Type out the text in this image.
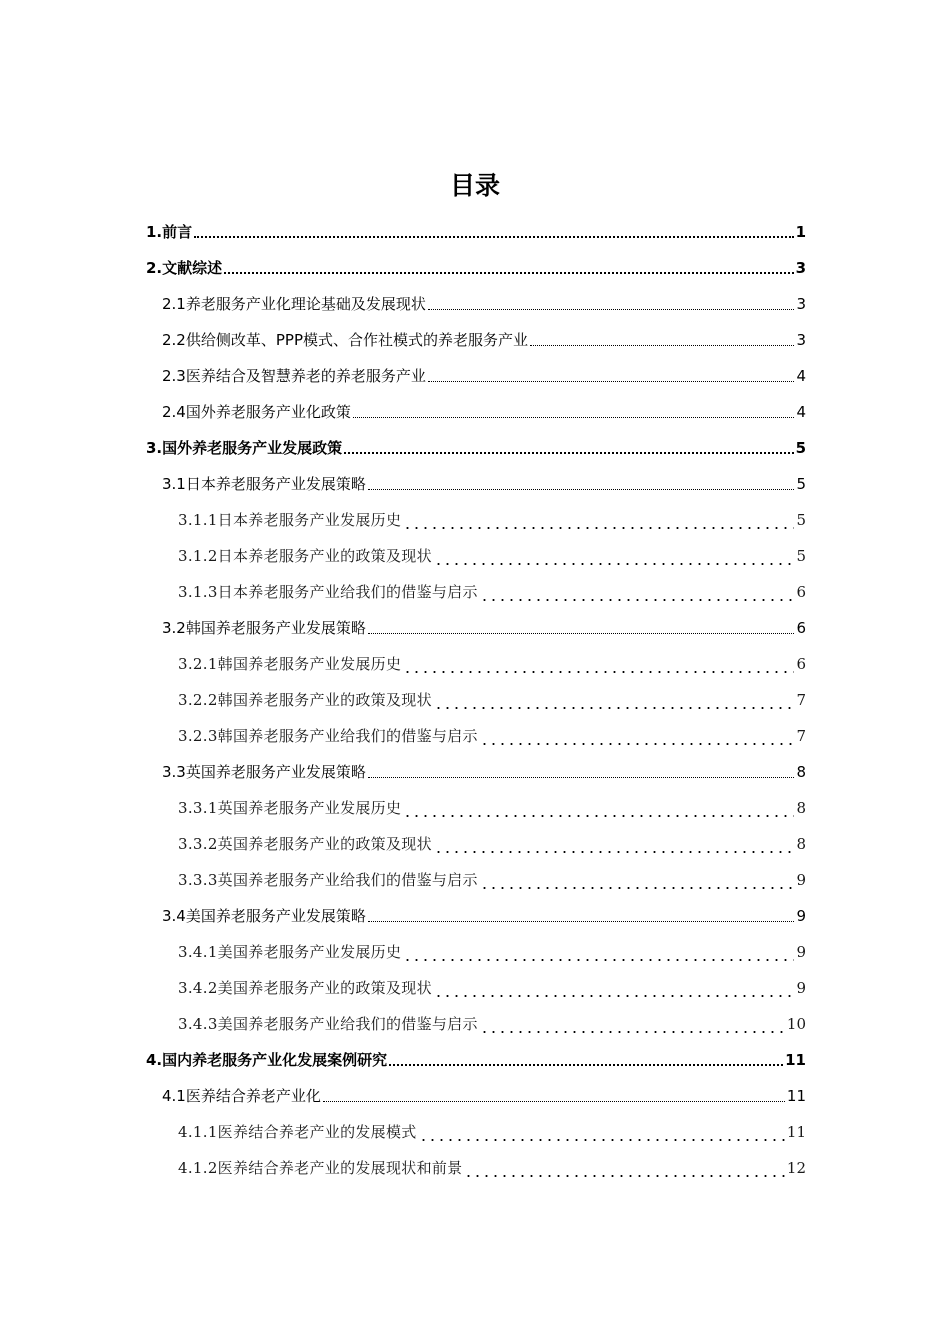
目录
1.前言	1
2.文献综述	3
2.1养老服务产业化理论基础及发展现状	3
2.2供给侧改革、PPP模式、合作社模式的养老服务产业	3
2.3医养结合及智慧养老的养老服务产业	4
2.4国外养老服务产业化政策	4
3.国外养老服务产业发展政策	5
3.1日本养老服务产业发展策略	5
3.1.1日本养老服务产业发展历史	5
3.1.2日本养老服务产业的政策及现状	5
3.1.3日本养老服务产业给我们的借鉴与启示	6
3.2韩国养老服务产业发展策略	6
3.2.1韩国养老服务产业发展历史	6
3.2.2韩国养老服务产业的政策及现状	7
3.2.3韩国养老服务产业给我们的借鉴与启示	7
3.3英国养老服务产业发展策略	8
3.3.1英国养老服务产业发展历史	8
3.3.2英国养老服务产业的政策及现状	8
3.3.3英国养老服务产业给我们的借鉴与启示	9
3.4美国养老服务产业发展策略	9
3.4.1美国养老服务产业发展历史	9
3.4.2美国养老服务产业的政策及现状	9
3.4.3美国养老服务产业给我们的借鉴与启示	10
4.国内养老服务产业化发展案例研究	11
4.1医养结合养老产业化	11
4.1.1医养结合养老产业的发展模式	11
4.1.2医养结合养老产业的发展现状和前景	12
